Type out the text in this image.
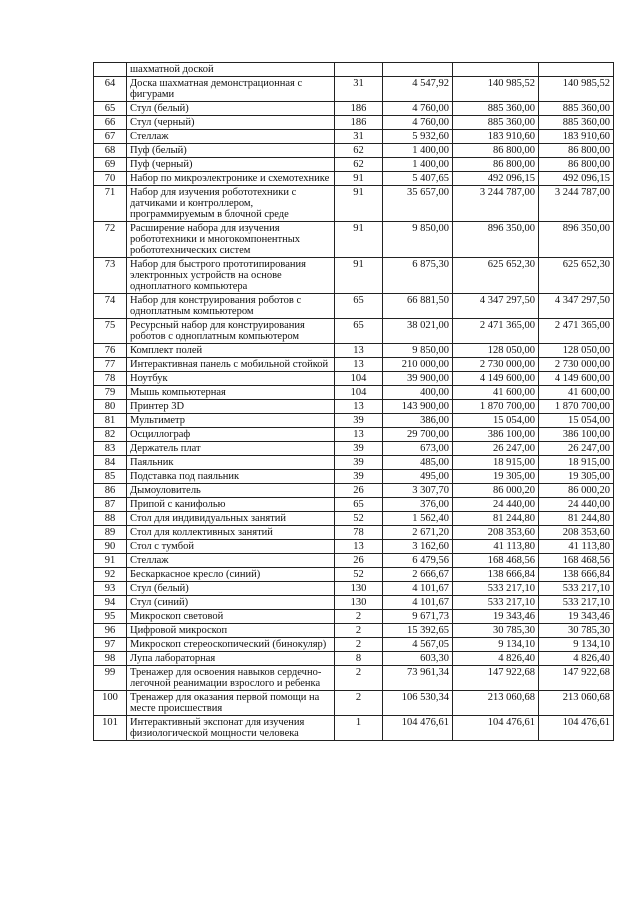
	шахматной доской				
64	Доска шахматная демонстрационная с фигурами	31	4 547,92	140 985,52	140 985,52
65	Стул (белый)	186	4 760,00	885 360,00	885 360,00
66	Стул (черный)	186	4 760,00	885 360,00	885 360,00
67	Стеллаж	31	5 932,60	183 910,60	183 910,60
68	Пуф (белый)	62	1 400,00	86 800,00	86 800,00
69	Пуф (черный)	62	1 400,00	86 800,00	86 800,00
70	Набор по микроэлектронике и схемотехнике	91	5 407,65	492 096,15	492 096,15
71	Набор для изучения робототехники с датчиками и контроллером, программируемым в блочной среде	91	35 657,00	3 244 787,00	3 244 787,00
72	Расширение набора для изучения робототехники и многокомпонентных робототехнических систем	91	9 850,00	896 350,00	896 350,00
73	Набор для быстрого прототипирования электронных устройств на основе одноплатного компьютера	91	6 875,30	625 652,30	625 652,30
74	Набор для конструирования роботов с одноплатным компьютером	65	66 881,50	4 347 297,50	4 347 297,50
75	Ресурсный набор для конструирования роботов с одноплатным компьютером	65	38 021,00	2 471 365,00	2 471 365,00
76	Комплект полей	13	9 850,00	128 050,00	128 050,00
77	Интерактивная панель с мобильной стойкой	13	210 000,00	2 730 000,00	2 730 000,00
78	Ноутбук	104	39 900,00	4 149 600,00	4 149 600,00
79	Мышь компьютерная	104	400,00	41 600,00	41 600,00
80	Принтер 3D	13	143 900,00	1 870 700,00	1 870 700,00
81	Мультиметр	39	386,00	15 054,00	15 054,00
82	Осциллограф	13	29 700,00	386 100,00	386 100,00
83	Держатель плат	39	673,00	26 247,00	26 247,00
84	Паяльник	39	485,00	18 915,00	18 915,00
85	Подставка под паяльник	39	495,00	19 305,00	19 305,00
86	Дымоуловитель	26	3 307,70	86 000,20	86 000,20
87	Припой с канифолью	65	376,00	24 440,00	24 440,00
88	Стол для индивидуальных занятий	52	1 562,40	81 244,80	81 244,80
89	Стол для коллективных занятий	78	2 671,20	208 353,60	208 353,60
90	Стол с тумбой	13	3 162,60	41 113,80	41 113,80
91	Стеллаж	26	6 479,56	168 468,56	168 468,56
92	Бескаркасное кресло (синий)	52	2 666,67	138 666,84	138 666,84
93	Стул (белый)	130	4 101,67	533 217,10	533 217,10
94	Стул (синий)	130	4 101,67	533 217,10	533 217,10
95	Микроскоп световой	2	9 671,73	19 343,46	19 343,46
96	Цифровой микроскоп	2	15 392,65	30 785,30	30 785,30
97	Микроскоп стереоскопический (бинокуляр)	2	4 567,05	9 134,10	9 134,10
98	Лупа лабораторная	8	603,30	4 826,40	4 826,40
99	Тренажер для освоения навыков сердечно-легочной реанимации взрослого и ребенка	2	73 961,34	147 922,68	147 922,68
100	Тренажер для оказания первой помощи на месте происшествия	2	106 530,34	213 060,68	213 060,68
101	Интерактивный экспонат для изучения физиологической мощности человека	1	104 476,61	104 476,61	104 476,61
